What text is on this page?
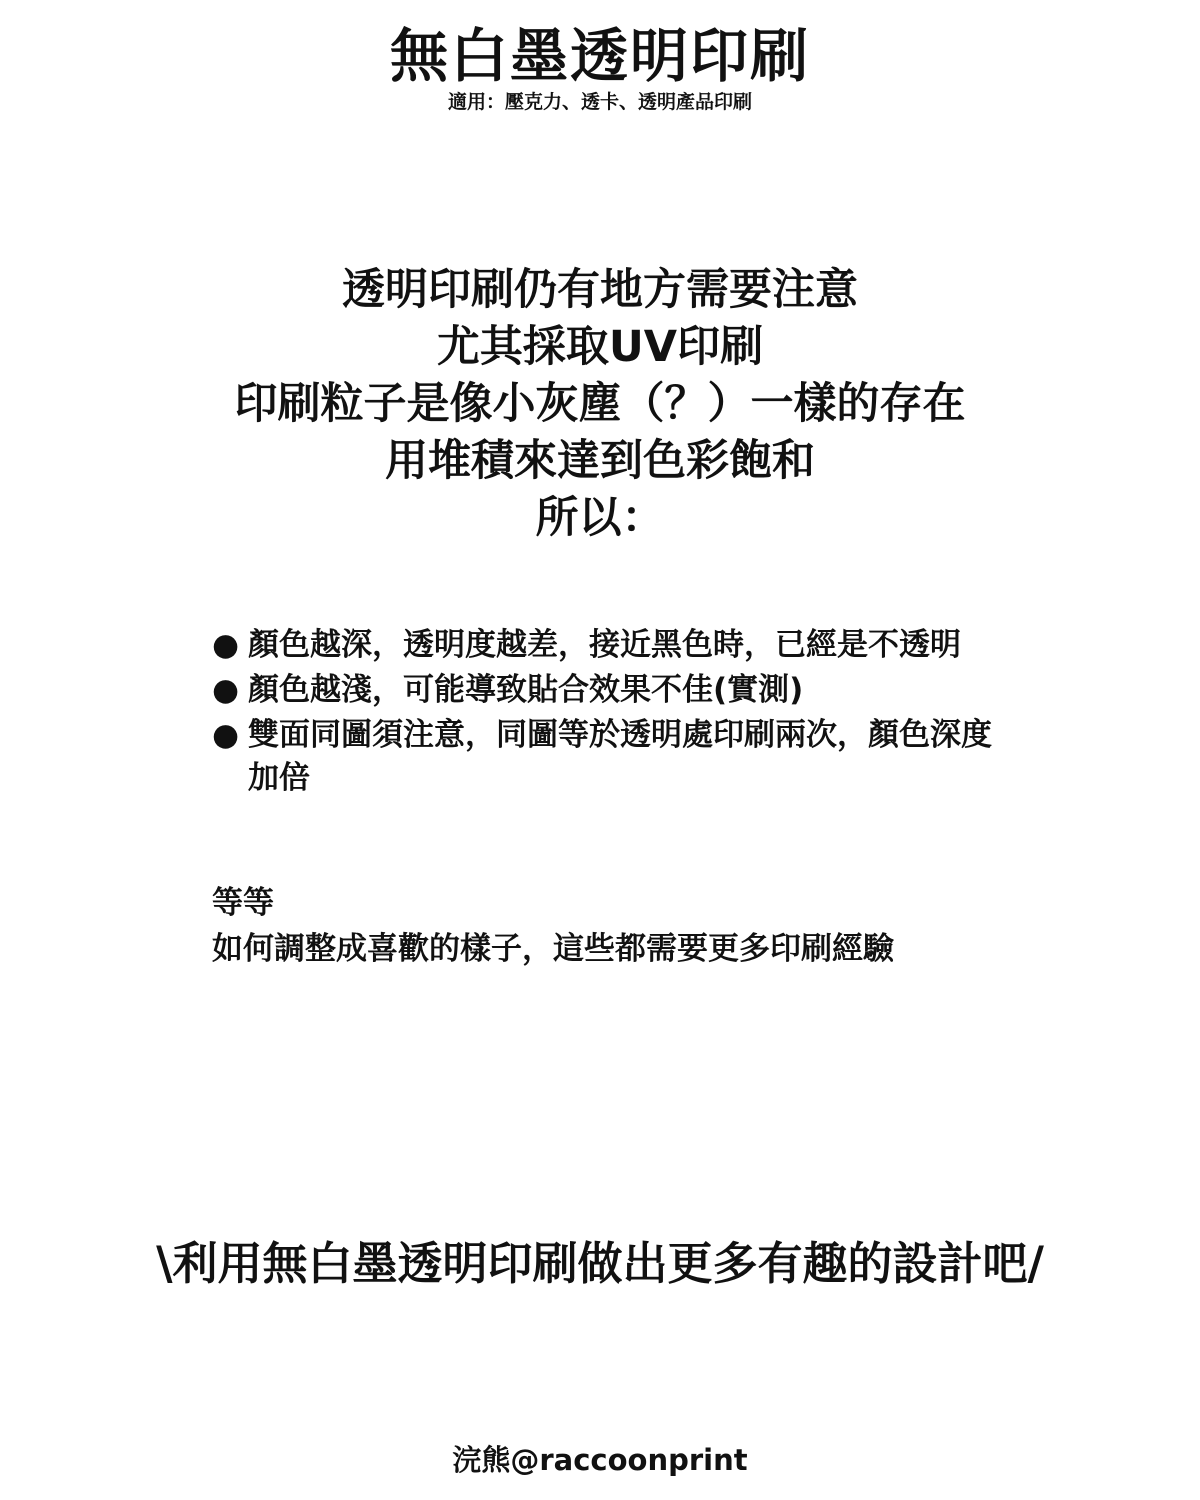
無白墨透明印刷

適用：壓克力、透卡、透明產品印刷

透明印刷仍有地方需要注意
尤其採取UV印刷
印刷粒子是像小灰塵（？）一樣的存在
用堆積來達到色彩飽和
所以：
● 顏色越深，透明度越差，接近黑色時，已經是不透明
● 顏色越淺，可能導致貼合效果不佳(實測)
● 雙面同圖須注意，同圖等於透明處印刷兩次，顏色深度加倍
等等
如何調整成喜歡的樣子，這些都需要更多印刷經驗
\利用無白墨透明印刷做出更多有趣的設計吧/
浣熊@raccoonprint
